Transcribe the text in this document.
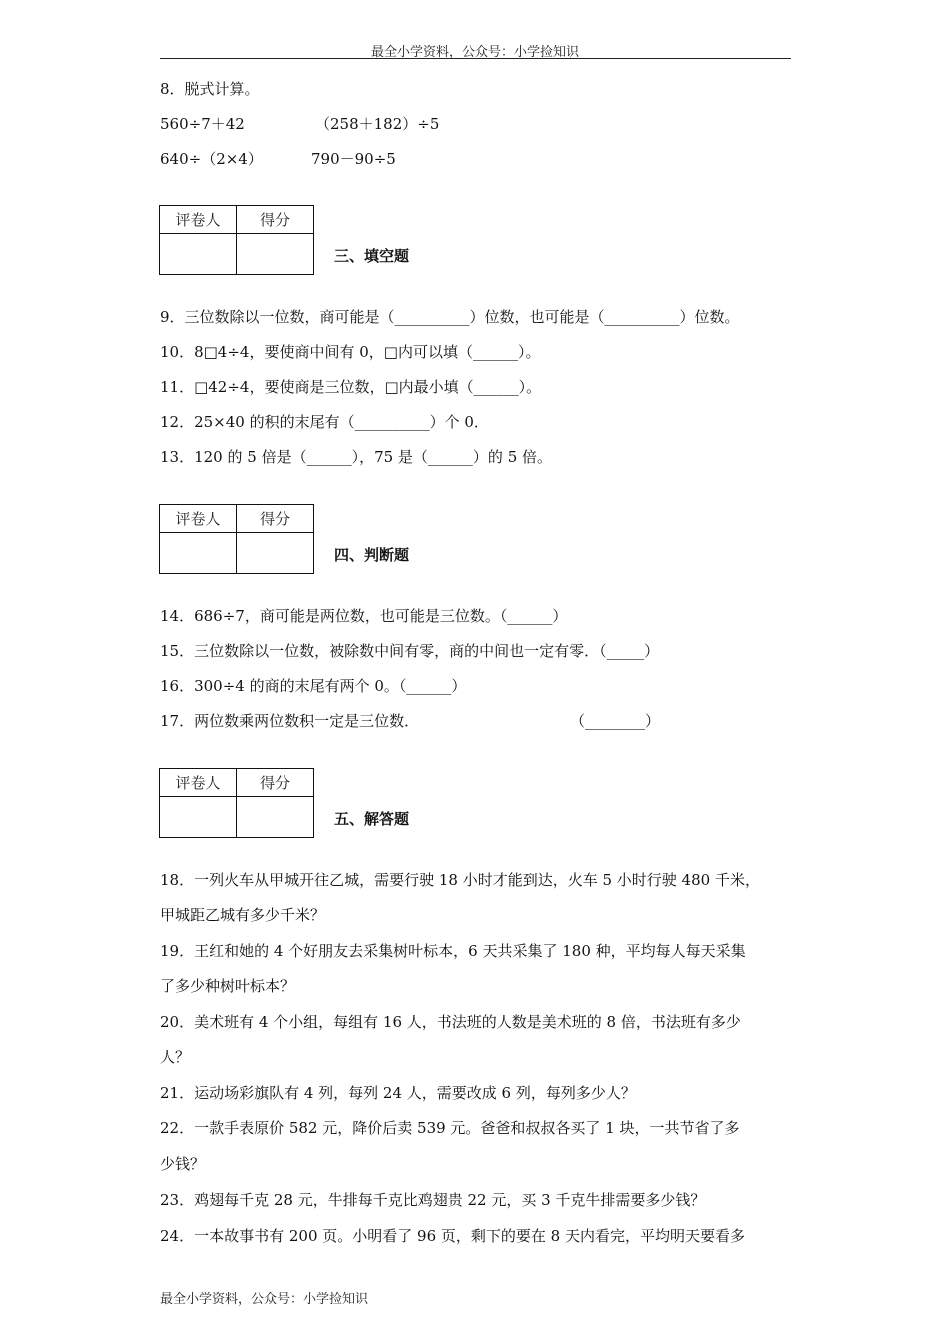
最全小学资料，公众号：小学捡知识
8．脱式计算。
560÷7＋42	（258＋182）÷5
640÷（2×4）	790－90÷5
评卷人	得分

三、填空题
9．三位数除以一位数，商可能是（__________）位数，也可能是（__________）位数。
10．8□4÷4，要使商中间有 0，□内可以填（______）。
11．□42÷4，要使商是三位数，□内最小填（______）。
12．25×40 的积的末尾有（__________）个 0．
13．120 的 5 倍是（______），75 是（______）的 5 倍。
评卷人	得分

四、判断题
14．686÷7，商可能是两位数，也可能是三位数。（______）
15．三位数除以一位数，被除数中间有零，商的中间也一定有零．（_____）
16．300÷4 的商的末尾有两个 0。（______）
17．两位数乘两位数积一定是三位数．	（________）
评卷人	得分

五、解答题
18．一列火车从甲城开往乙城，需要行驶 18 小时才能到达，火车 5 小时行驶 480 千米，
甲城距乙城有多少千米？
19．王红和她的 4 个好朋友去采集树叶标本，6 天共采集了 180 种，平均每人每天采集
了多少种树叶标本？
20．美术班有 4 个小组，每组有 16 人，书法班的人数是美术班的 8 倍，书法班有多少
人？
21．运动场彩旗队有 4 列，每列 24 人，需要改成 6 列，每列多少人？
22．一款手表原价 582 元，降价后卖 539 元。爸爸和叔叔各买了 1 块，一共节省了多
少钱？
23．鸡翅每千克 28 元，牛排每千克比鸡翅贵 22 元，买 3 千克牛排需要多少钱？
24．一本故事书有 200 页。小明看了 96 页，剩下的要在 8 天内看完，平均明天要看多
最全小学资料，公众号：小学捡知识
